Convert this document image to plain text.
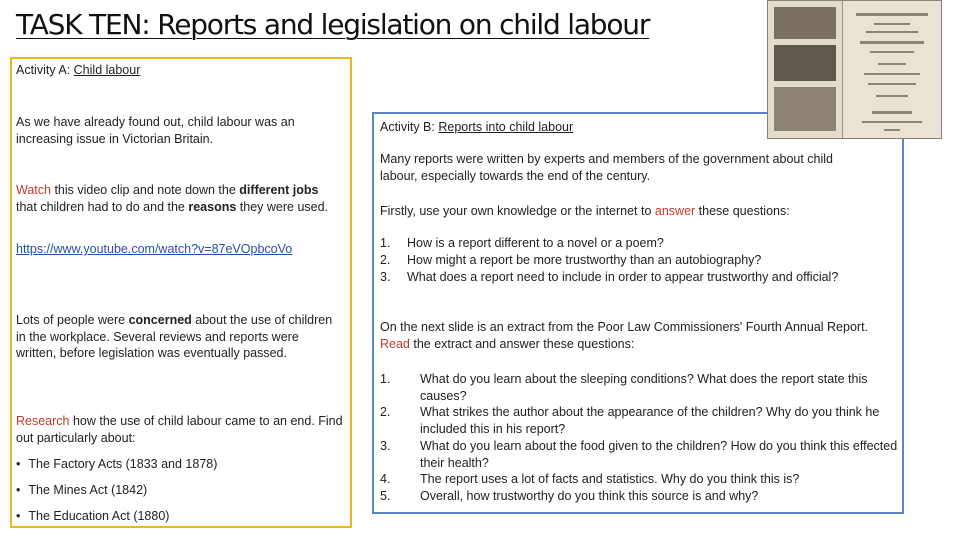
TASK TEN: Reports and legislation on child labour

Activity A: Child labour

As we have already found out, child labour was an increasing issue in Victorian Britain.

Watch this video clip and note down the different jobs that children had to do and the reasons they were used.

https://www.youtube.com/watch?v=87eVOpbcoVo

Lots of people were concerned about the use of children in the workplace. Several reviews and reports were written, before legislation was eventually passed.

Research how the use of child labour came to an end. Find out particularly about:

• The Factory Acts (1833 and 1878)
• The Mines Act (1842)
• The Education Act (1880)

Activity B: Reports into child labour

Many reports were written by experts and members of the government about child labour, especially towards the end of the century.

Firstly, use your own knowledge or the internet to answer these questions:

1.	How is a report different to a novel or a poem?
2.	How might a report be more trustworthy than an autobiography?
3.	What does a report need to include in order to appear trustworthy and official?

On the next slide is an extract from the Poor Law Commissioners' Fourth Annual Report.
Read the extract and answer these questions:

1. What do you learn about the sleeping conditions? What does the report state this causes?
2. What strikes the author about the appearance of the children? Why do you think he included this in his report?
3. What do you learn about the food given to the children? How do you think this effected their health?
4. The report uses a lot of facts and statistics. Why do you think this is?
5. Overall, how trustworthy do you think this source is and why?
